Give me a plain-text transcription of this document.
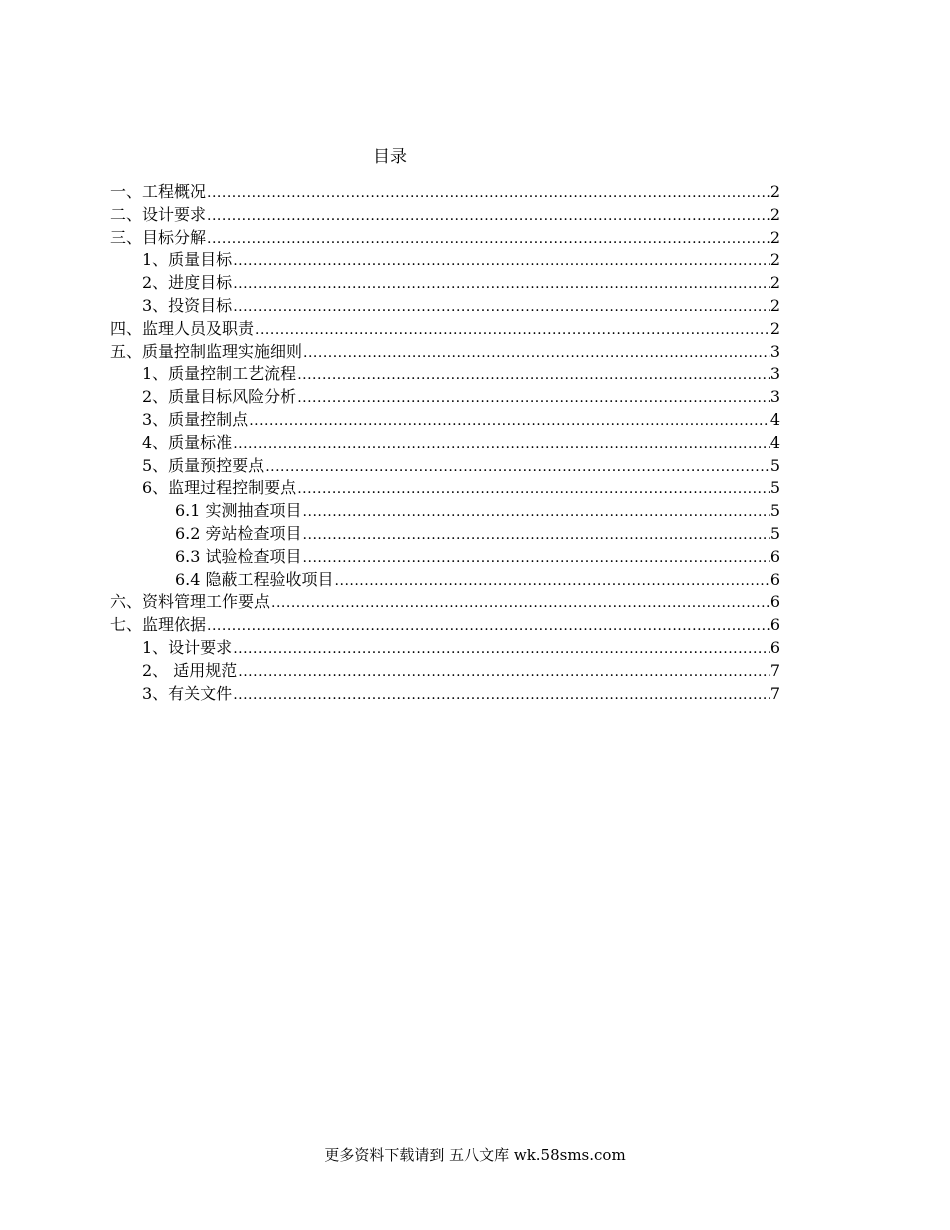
目录
一、工程概况 .....	2
二、设计要求 .....	2
三、目标分解 .....	2
1、质量目标 .....	2
2、进度目标 .....	2
3、投资目标 .....	2
四、监理人员及职责 .....	2
五、质量控制监理实施细则 .....	3
1、质量控制工艺流程 .....	3
2、质量目标风险分析 .....	3
3、质量控制点 .....	4
4、质量标准 .....	4
5、质量预控要点 .....	5
6、监理过程控制要点 .....	5
6.1 实测抽查项目 .....	5
6.2 旁站检查项目 .....	5
6.3 试验检查项目 .....	6
6.4 隐蔽工程验收项目 .....	6
六、资料管理工作要点 .....	6
七、监理依据 .....	6
1、设计要求 .....	6
2、 适用规范 .....	7
3、有关文件 .....	7
更多资料下载请到 五八文库 wk.58sms.com
